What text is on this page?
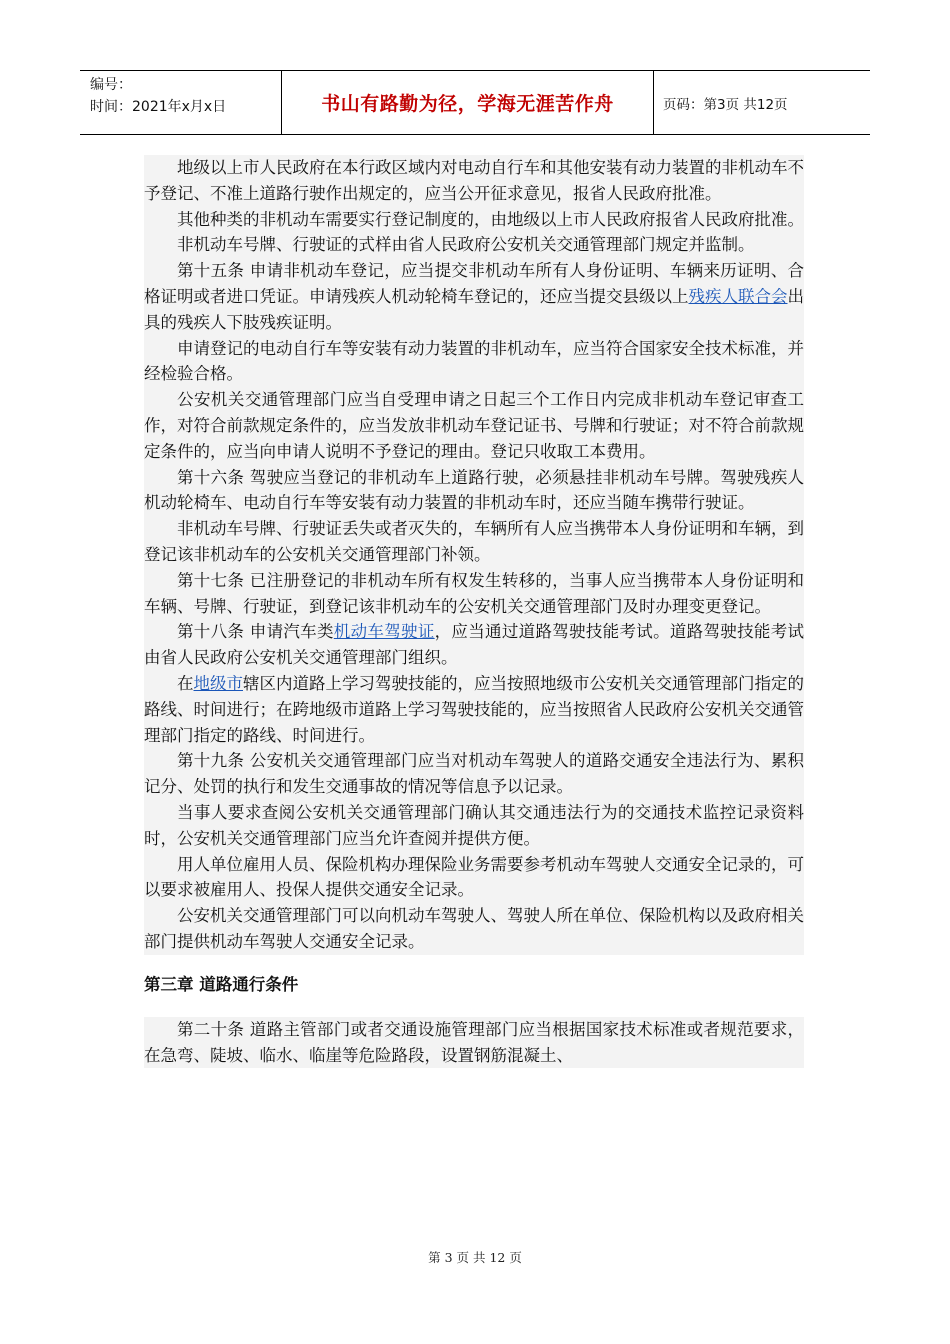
编号：
时间：2021年x月x日	书山有路勤为径，学海无涯苦作舟	页码：第3页 共12页

地级以上市人民政府在本行政区域内对电动自行车和其他安装有动力装置的非机动车不予登记、不准上道路行驶作出规定的，应当公开征求意见，报省人民政府批准。

其他种类的非机动车需要实行登记制度的，由地级以上市人民政府报省人民政府批准。

非机动车号牌、行驶证的式样由省人民政府公安机关交通管理部门规定并监制。

第十五条 申请非机动车登记，应当提交非机动车所有人身份证明、车辆来历证明、合格证明或者进口凭证。申请残疾人机动轮椅车登记的，还应当提交县级以上残疾人联合会出具的残疾人下肢残疾证明。

申请登记的电动自行车等安装有动力装置的非机动车，应当符合国家安全技术标准，并经检验合格。

公安机关交通管理部门应当自受理申请之日起三个工作日内完成非机动车登记审查工作，对符合前款规定条件的，应当发放非机动车登记证书、号牌和行驶证；对不符合前款规定条件的，应当向申请人说明不予登记的理由。登记只收取工本费用。

第十六条 驾驶应当登记的非机动车上道路行驶，必须悬挂非机动车号牌。驾驶残疾人机动轮椅车、电动自行车等安装有动力装置的非机动车时，还应当随车携带行驶证。

非机动车号牌、行驶证丢失或者灭失的，车辆所有人应当携带本人身份证明和车辆，到登记该非机动车的公安机关交通管理部门补领。

第十七条 已注册登记的非机动车所有权发生转移的，当事人应当携带本人身份证明和车辆、号牌、行驶证，到登记该非机动车的公安机关交通管理部门及时办理变更登记。

第十八条 申请汽车类机动车驾驶证，应当通过道路驾驶技能考试。道路驾驶技能考试由省人民政府公安机关交通管理部门组织。

在地级市辖区内道路上学习驾驶技能的，应当按照地级市公安机关交通管理部门指定的路线、时间进行；在跨地级市道路上学习驾驶技能的，应当按照省人民政府公安机关交通管理部门指定的路线、时间进行。

第十九条 公安机关交通管理部门应当对机动车驾驶人的道路交通安全违法行为、累积记分、处罚的执行和发生交通事故的情况等信息予以记录。

当事人要求查阅公安机关交通管理部门确认其交通违法行为的交通技术监控记录资料时，公安机关交通管理部门应当允许查阅并提供方便。

用人单位雇用人员、保险机构办理保险业务需要参考机动车驾驶人交通安全记录的，可以要求被雇用人、投保人提供交通安全记录。

公安机关交通管理部门可以向机动车驾驶人、驾驶人所在单位、保险机构以及政府相关部门提供机动车驾驶人交通安全记录。

第三章 道路通行条件

第二十条 道路主管部门或者交通设施管理部门应当根据国家技术标准或者规范要求，在急弯、陡坡、临水、临崖等危险路段，设置钢筋混凝土、

第 3 页 共 12 页
